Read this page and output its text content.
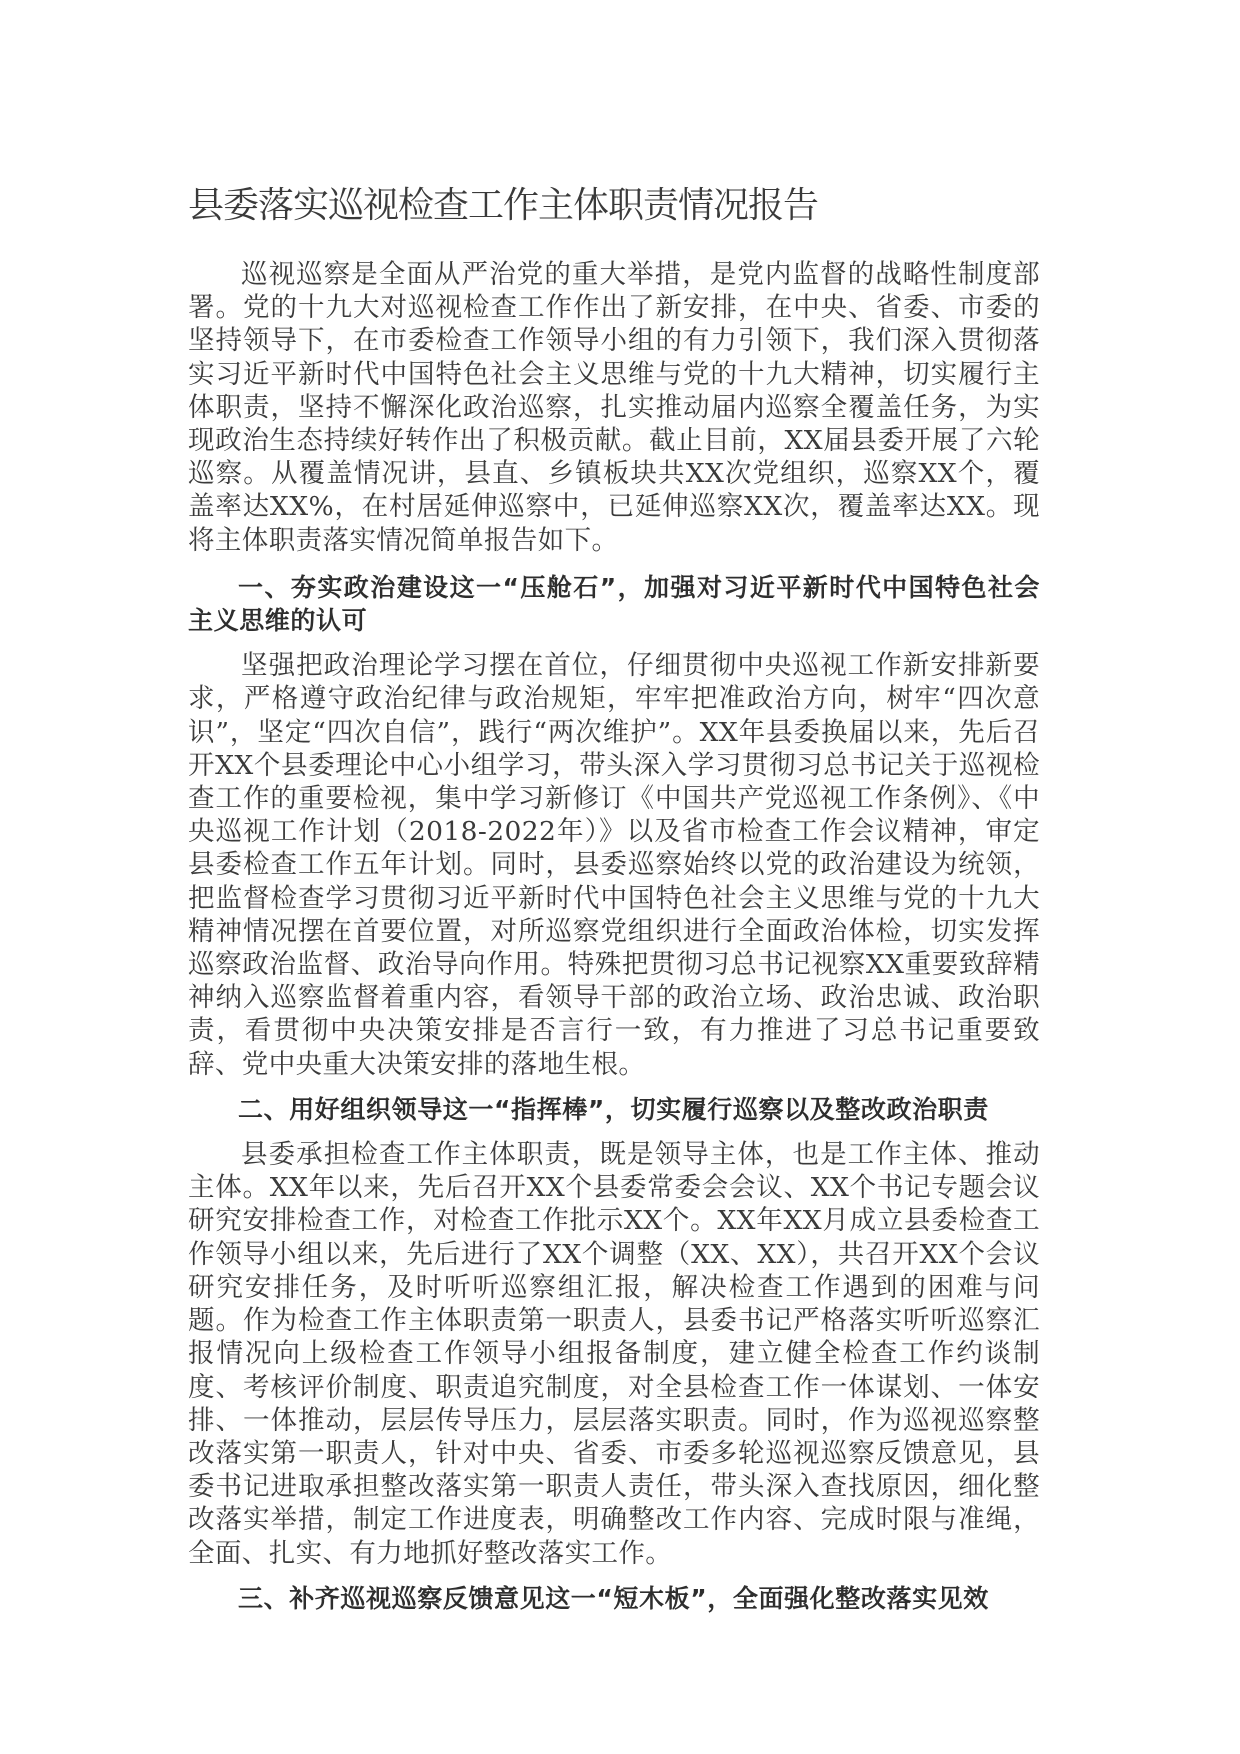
县委落实巡视检查工作主体职责情况报告

巡视巡察是全面从严治党的重大举措，是党内监督的战略性制度部署。党的十九大对巡视检查工作作出了新安排，在中央、省委、市委的坚持领导下，在市委检查工作领导小组的有力引领下，我们深入贯彻落实习近平新时代中国特色社会主义思维与党的十九大精神，切实履行主体职责，坚持不懈深化政治巡察，扎实推动届内巡察全覆盖任务，为实现政治生态持续好转作出了积极贡献。截止目前，XX届县委开展了六轮巡察。从覆盖情况讲，县直、乡镇板块共XX次党组织，巡察XX个，覆盖率达XX%，在村居延伸巡察中，已延伸巡察XX次，覆盖率达XX。现将主体职责落实情况简单报告如下。

一、夯实政治建设这一“压舱石”，加强对习近平新时代中国特色社会主义思维的认可

坚强把政治理论学习摆在首位，仔细贯彻中央巡视工作新安排新要求，严格遵守政治纪律与政治规矩，牢牢把准政治方向，树牢“四次意识”，坚定“四次自信”，践行“两次维护”。XX年县委换届以来，先后召开XX个县委理论中心小组学习，带头深入学习贯彻习总书记关于巡视检查工作的重要检视，集中学习新修订《中国共产党巡视工作条例》、《中央巡视工作计划（2018-2022年）》以及省市检查工作会议精神，审定县委检查工作五年计划。同时，县委巡察始终以党的政治建设为统领，把监督检查学习贯彻习近平新时代中国特色社会主义思维与党的十九大精神情况摆在首要位置，对所巡察党组织进行全面政治体检，切实发挥巡察政治监督、政治导向作用。特殊把贯彻习总书记视察XX重要致辞精神纳入巡察监督着重内容，看领导干部的政治立场、政治忠诚、政治职责，看贯彻中央决策安排是否言行一致，有力推进了习总书记重要致辞、党中央重大决策安排的落地生根。

二、用好组织领导这一“指挥棒”，切实履行巡察以及整改政治职责

县委承担检查工作主体职责，既是领导主体，也是工作主体、推动主体。XX年以来，先后召开XX个县委常委会会议、XX个书记专题会议研究安排检查工作，对检查工作批示XX个。XX年XX月成立县委检查工作领导小组以来，先后进行了XX个调整（XX、XX），共召开XX个会议研究安排任务，及时听听巡察组汇报，解决检查工作遇到的困难与问题。作为检查工作主体职责第一职责人，县委书记严格落实听听巡察汇报情况向上级检查工作领导小组报备制度，建立健全检查工作约谈制度、考核评价制度、职责追究制度，对全县检查工作一体谋划、一体安排、一体推动，层层传导压力，层层落实职责。同时，作为巡视巡察整改落实第一职责人，针对中央、省委、市委多轮巡视巡察反馈意见，县委书记进取承担整改落实第一职责人责任，带头深入查找原因，细化整改落实举措，制定工作进度表，明确整改工作内容、完成时限与准绳，全面、扎实、有力地抓好整改落实工作。

三、补齐巡视巡察反馈意见这一“短木板”，全面强化整改落实见效
